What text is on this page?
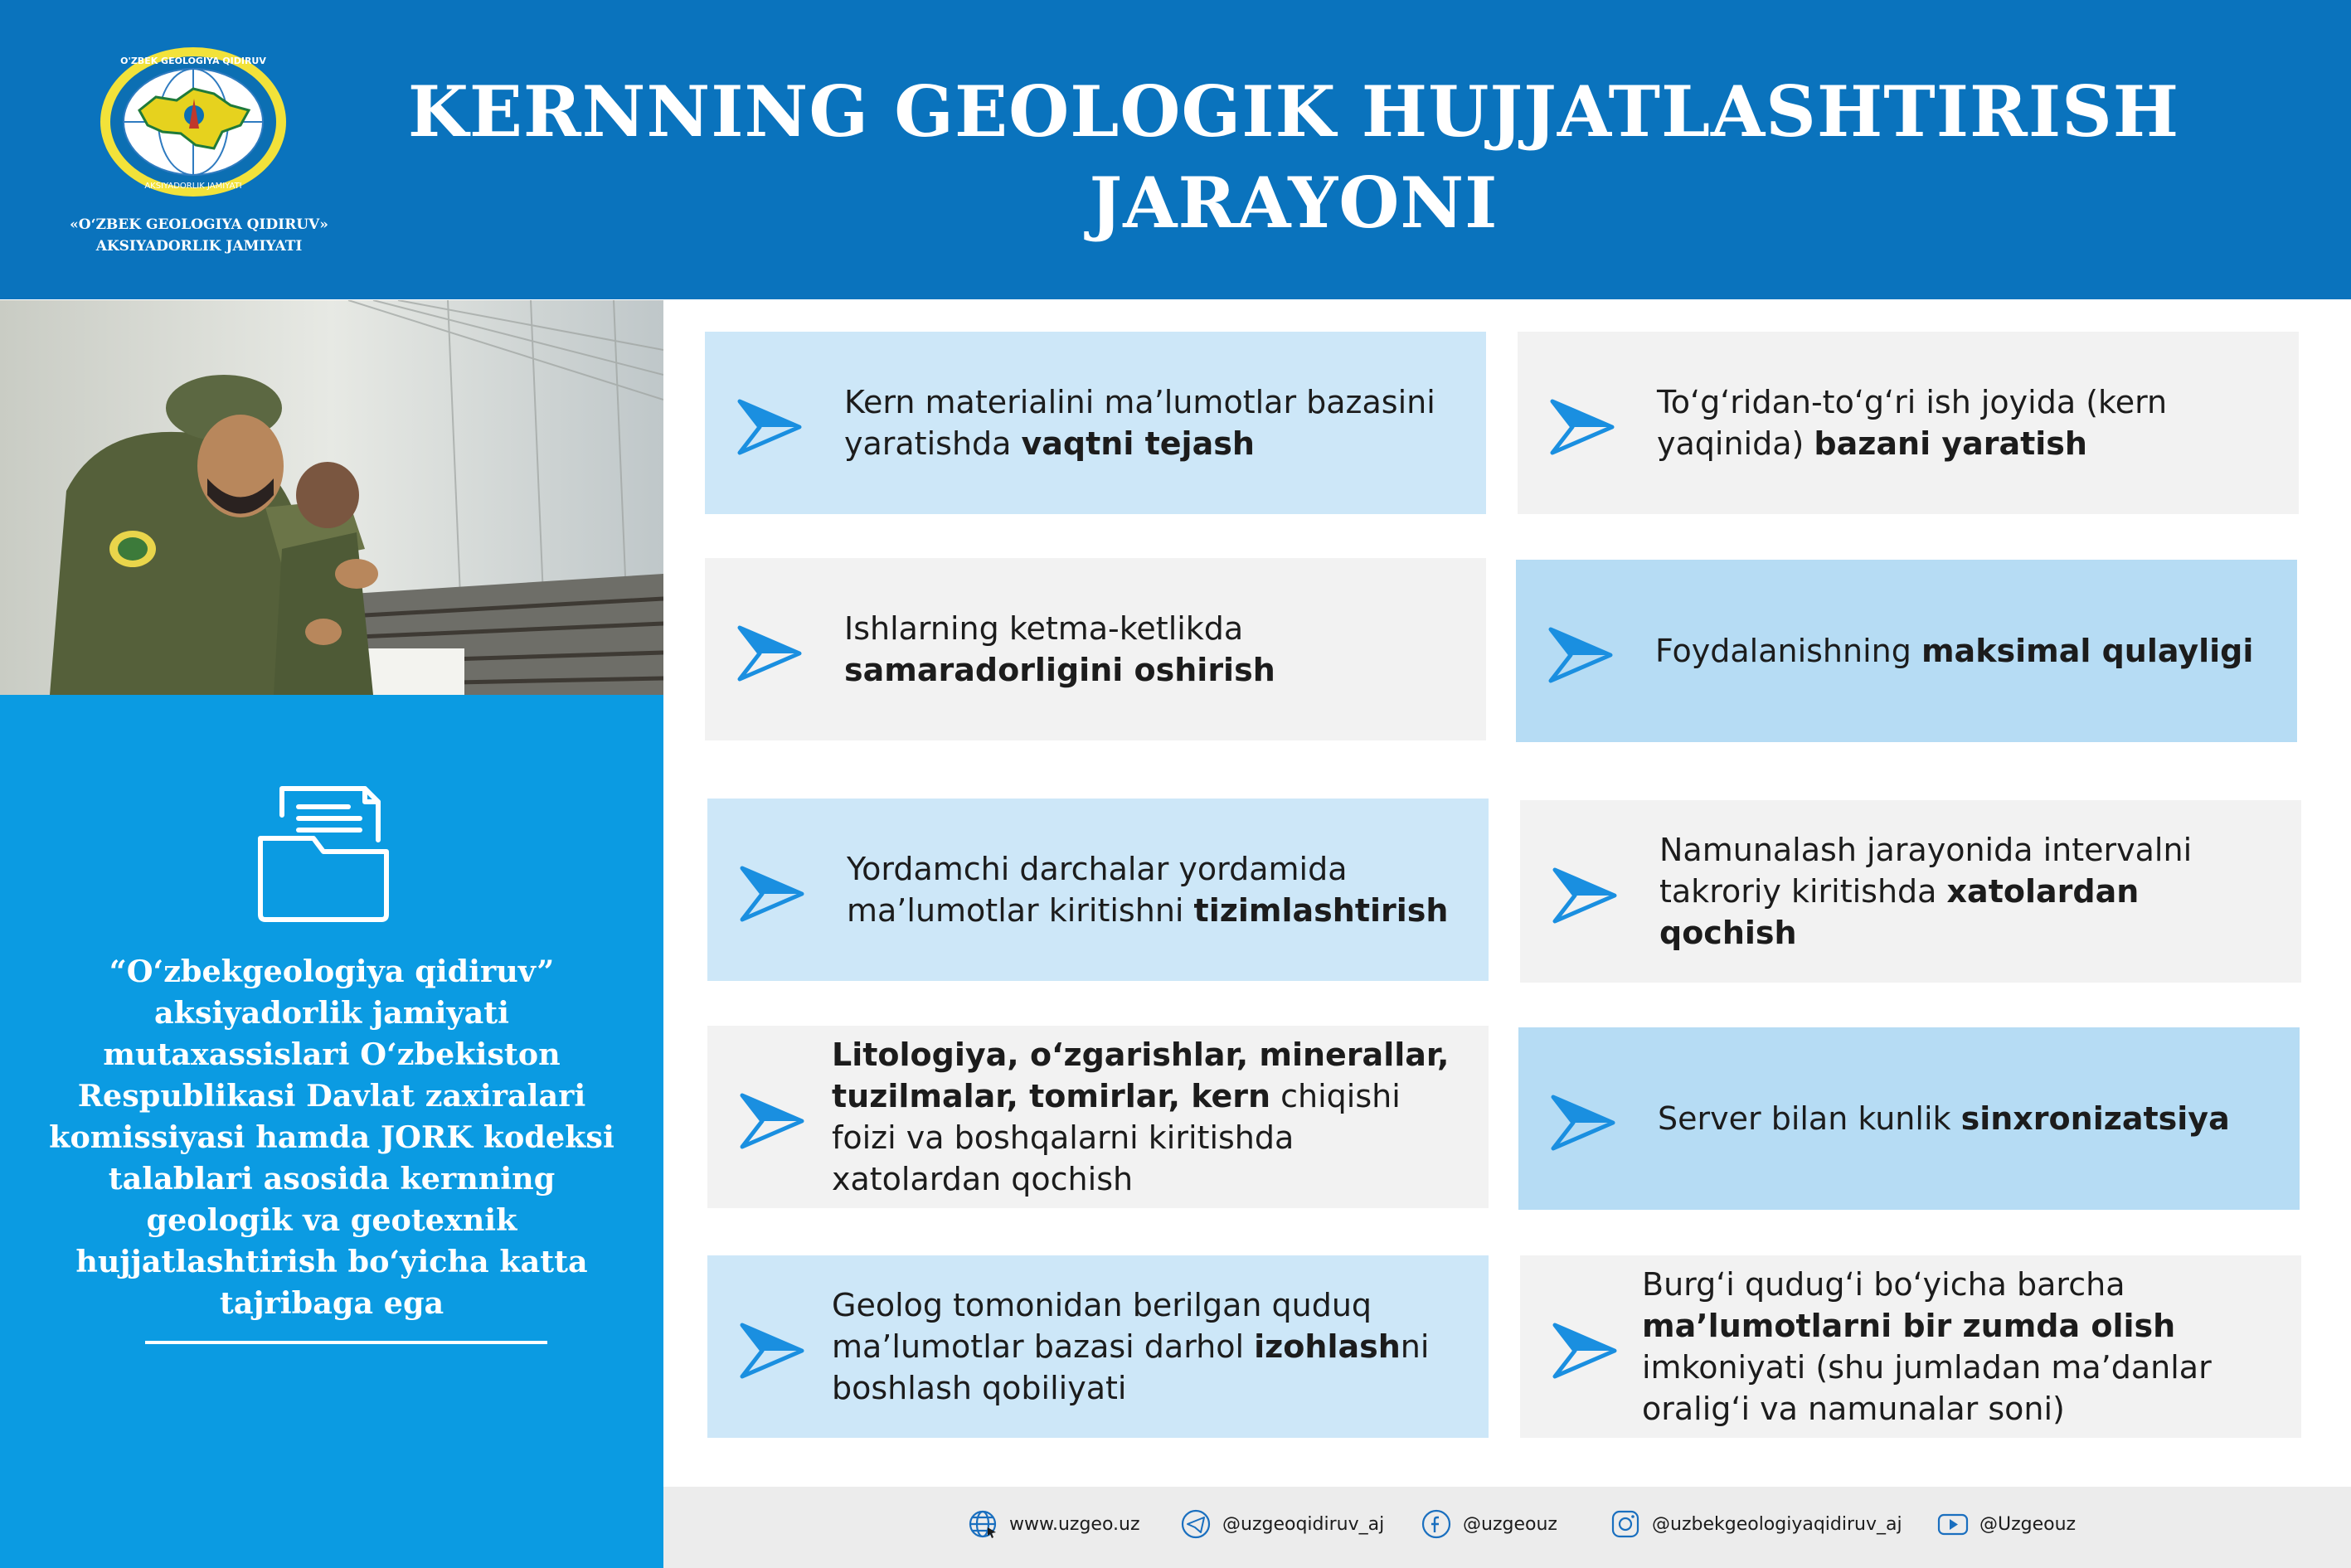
O'ZBEK GEOLOGIYA QIDIRUV
AKSIYADORLIK JAMIYATI
«O‘ZBEK GEOLOGIYA QIDIRUV»
AKSIYADORLIK JAMIYATI
KERNNING GEOLOGIK HUJJATLASHTIRISH
JARAYONI
“O‘zbekgeologiya qidiruv” aksiyadorlik jamiyati mutaxassislari O‘zbekiston Respublikasi Davlat zaxiralari komissiyasi hamda JORK kodeksi talablari asosida kernning geologik va geotexnik hujjatlashtirish bo‘yicha katta tajribaga ega
Kern materialini ma’lumotlar bazasini yaratishda vaqtni tejash
To‘g‘ridan-to‘g‘ri ish joyida (kern yaqinida) bazani yaratish
Ishlarning ketma-ketlikda samaradorligini oshirish
Foydalanishning maksimal qulayligi
Yordamchi darchalar yordamida ma’lumotlar kiritishni tizimlashtirish
Namunalash jarayonida intervalni takroriy kiritishda xatolardan qochish
Litologiya, o‘zgarishlar, minerallar, tuzilmalar, tomirlar, kern chiqishi foizi va boshqalarni kiritishda xatolardan qochish
Server bilan kunlik sinxronizatsiya
Geolog tomonidan berilgan quduq ma’lumotlar bazasi darhol izohlashni boshlash qobiliyati
Burg‘i qudug‘i bo‘yicha barcha ma’lumotlarni bir zumda olish imkoniyati (shu jumladan ma’danlar oralig‘i va namunalar soni)
www.uzgeo.uz	@uzgeoqidiruv_aj	@uzgeouz	@uzbekgeologiyaqidiruv_aj	@Uzgeouz
